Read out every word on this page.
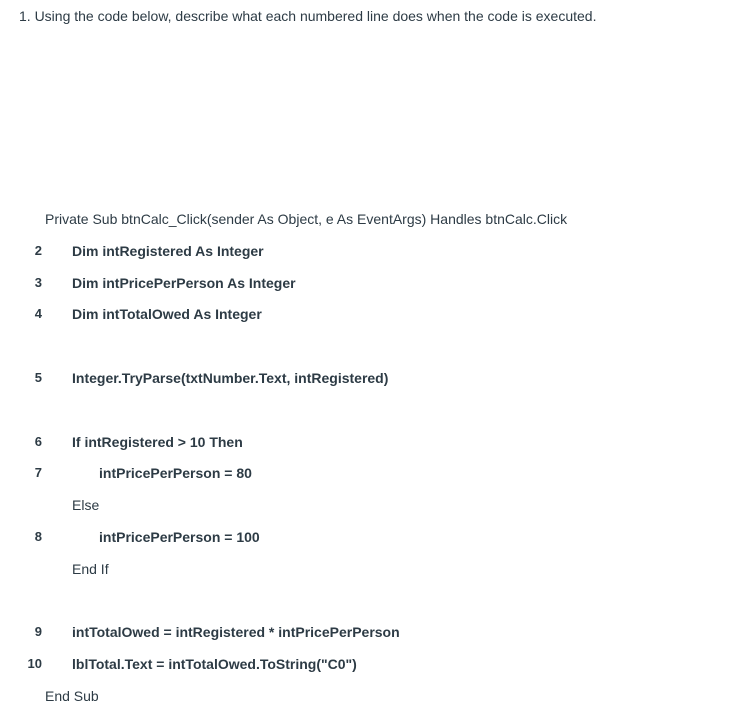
1. Using the code below, describe what each numbered line does when the code is executed.
Private Sub btnCalc_Click(sender As Object, e As EventArgs) Handles btnCalc.Click
2 Dim intRegistered As Integer
3 Dim intPricePerPerson As Integer
4 Dim intTotalOwed As Integer
5 Integer.TryParse(txtNumber.Text, intRegistered)
6 If intRegistered > 10 Then
7	intPricePerPerson = 80
Else
8	intPricePerPerson = 100
End If
9 intTotalOwed = intRegistered * intPricePerPerson
10 lblTotal.Text = intTotalOwed.ToString("C0")
End Sub
